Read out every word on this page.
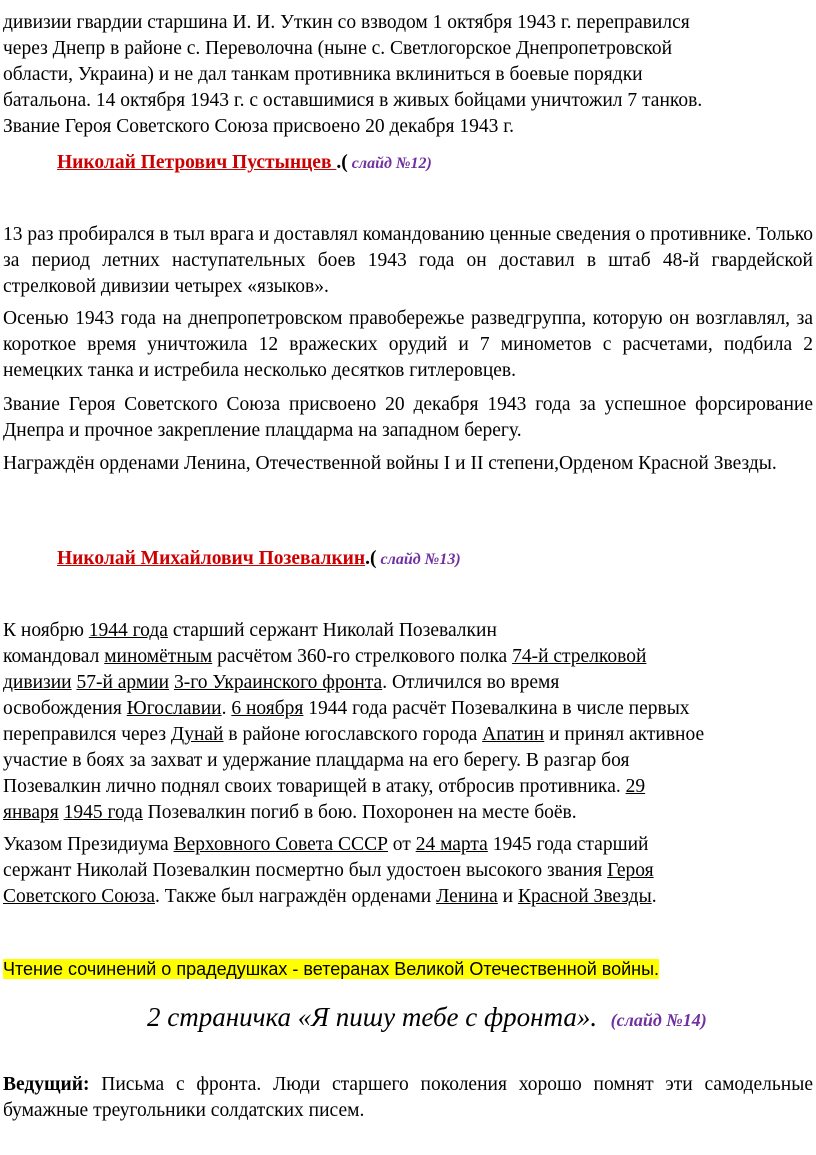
дивизии гвардии старшина И. И. Уткин со взводом 1 октября 1943 г. переправился
через Днепр в районе с. Переволочна (ныне с. Светлогорское Днепропетровской
области, Украина) и не дал танкам противника вклиниться в боевые порядки
батальона. 14 октября 1943 г. с оставшимися в живых бойцами уничтожил 7 танков.
Звание Героя Советского Союза присвоено 20 декабря 1943 г.
Николай Петрович Пустынцев .( слайд №12)

13 раз пробирался в тыл врага и доставлял командованию ценные сведения о противнике. Только за период летних наступательных боев 1943 года он доставил в штаб 48-й гвардейской стрелковой дивизии четырех «языков».

Осенью 1943 года на днепропетровском правобережье разведгруппа, которую он возглавлял, за короткое время уничтожила 12 вражеских орудий и 7 минометов с расчетами, подбила 2 немецких танка и истребила несколько десятков гитлеровцев.

Звание Героя Советского Союза присвоено 20 декабря 1943 года за успешное форсирование Днепра и прочное закрепление плацдарма на западном берегу.

Награждён орденами Ленина, Отечественной войны I и II степени,Орденом Красной Звезды.

Николай Михайлович Позевалкин.( слайд №13)
К ноябрю 1944 года старший сержант Николай Позевалкин
командовал миномётным расчётом 360-го стрелкового полка 74-й стрелковой
дивизии 57-й армии 3-го Украинского фронта. Отличился во время
освобождения Югославии. 6 ноября 1944 года расчёт Позевалкина в числе первых
переправился через Дунай в районе югославского города Апатин и принял активное
участие в боях за захват и удержание плацдарма на его берегу. В разгар боя
Позевалкин лично поднял своих товарищей в атаку, отбросив противника. 29
января 1945 года Позевалкин погиб в бою. Похоронен на месте боёв.
Указом Президиума Верховного Совета СССР от 24 марта 1945 года старший
сержант Николай Позевалкин посмертно был удостоен высокого звания Героя
Советского Союза. Также был награждён орденами Ленина и Красной Звезды.
Чтение сочинений о прадедушках - ветеранах Великой Отечественной войны.
2 страничка «Я пишу тебе с фронта». (слайд №14)

Ведущий: Письма с фронта. Люди старшего поколения хорошо помнят эти самодельные бумажные треугольники солдатских писем.
